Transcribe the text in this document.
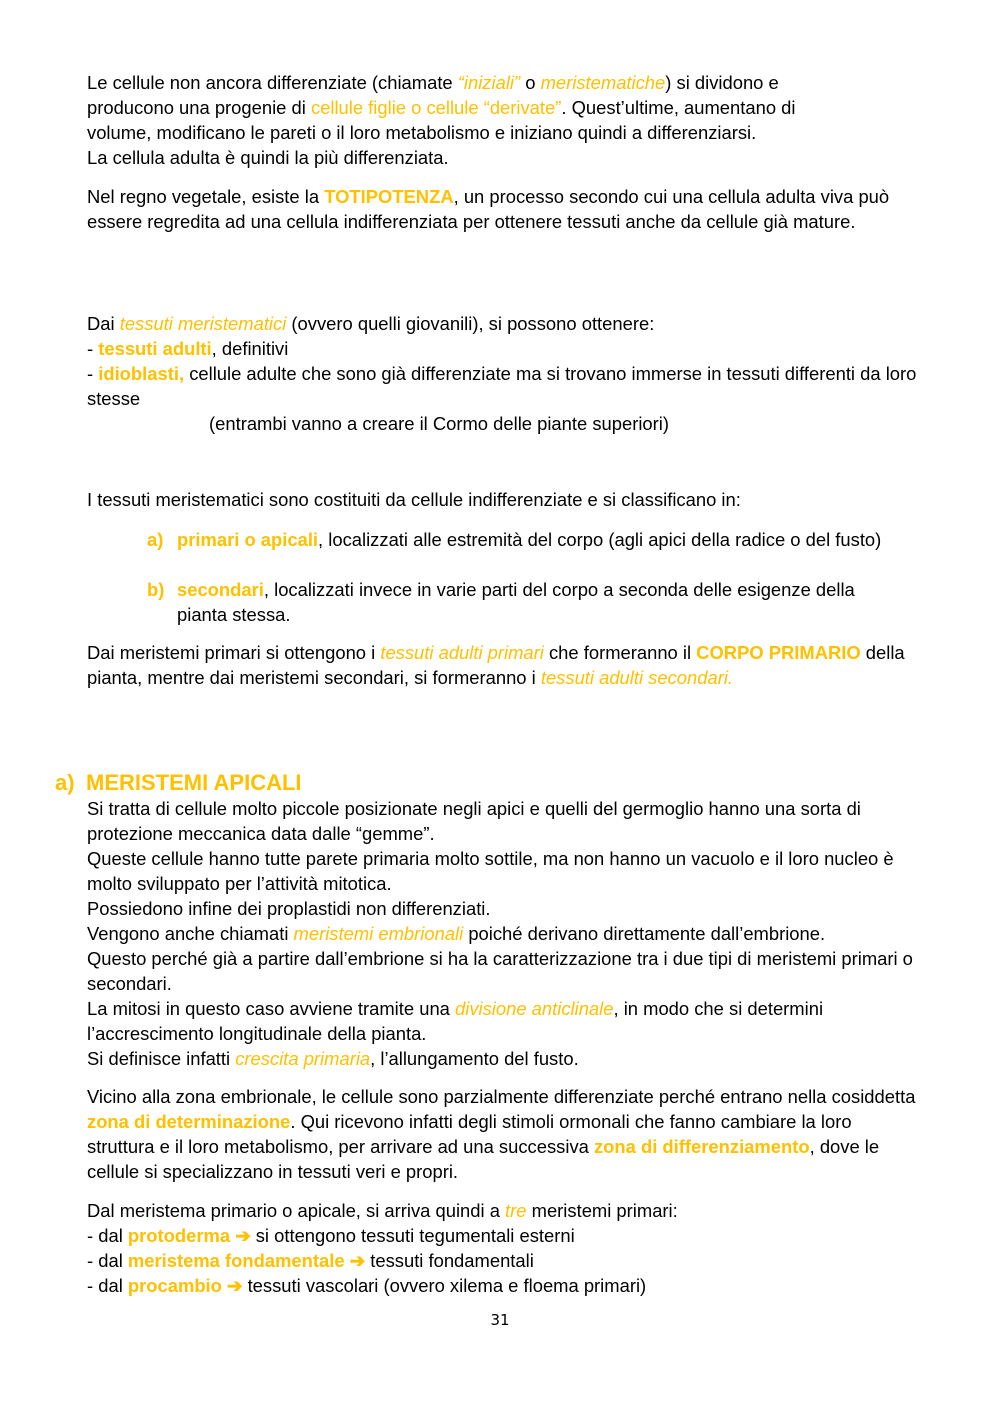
Le cellule non ancora differenziate (chiamate “iniziali” o meristematiche) si dividono e
producono una progenie di cellule figlie o cellule “derivate”. Quest’ultime, aumentano di
volume, modificano le pareti o il loro metabolismo e iniziano quindi a differenziarsi.
La cellula adulta è quindi la più differenziata.
Nel regno vegetale, esiste la TOTIPOTENZA, un processo secondo cui una cellula adulta viva può essere regredita ad una cellula indifferenziata per ottenere tessuti anche da cellule già mature.
Dai tessuti meristematici (ovvero quelli giovanili), si possono ottenere:
- tessuti adulti, definitivi
- idioblasti, cellule adulte che sono già differenziate ma si trovano immerse in tessuti differenti da loro stesse
(entrambi vanno a creare il Cormo delle piante superiori)
I tessuti meristematici sono costituiti da cellule indifferenziate e si classificano in:
a) primari o apicali, localizzati alle estremità del corpo (agli apici della radice o del fusto)
b) secondari, localizzati invece in varie parti del corpo a seconda delle esigenze della pianta stessa.
Dai meristemi primari si ottengono i tessuti adulti primari che formeranno il CORPO PRIMARIO della pianta, mentre dai meristemi secondari, si formeranno i tessuti adulti secondari.
a) MERISTEMI APICALI
Si tratta di cellule molto piccole posizionate negli apici e quelli del germoglio hanno una sorta di protezione meccanica data dalle “gemme”.
Queste cellule hanno tutte parete primaria molto sottile, ma non hanno un vacuolo e il loro nucleo è molto sviluppato per l’attività mitotica.
Possiedono infine dei proplastidi non differenziati.
Vengono anche chiamati meristemi embrionali poiché derivano direttamente dall’embrione.
Questo perché già a partire dall’embrione si ha la caratterizzazione tra i due tipi di meristemi primari o secondari.
La mitosi in questo caso avviene tramite una divisione anticlinale, in modo che si determini l’accrescimento longitudinale della pianta.
Si definisce infatti crescita primaria, l’allungamento del fusto.
Vicino alla zona embrionale, le cellule sono parzialmente differenziate perché entrano nella cosiddetta zona di determinazione. Qui ricevono infatti degli stimoli ormonali che fanno cambiare la loro struttura e il loro metabolismo, per arrivare ad una successiva zona di differenziamento, dove le cellule si specializzano in tessuti veri e propri.
Dal meristema primario o apicale, si arriva quindi a tre meristemi primari:
- dal protoderma ➔ si ottengono tessuti tegumentali esterni
- dal meristema fondamentale ➔ tessuti fondamentali
- dal procambio ➔ tessuti vascolari (ovvero xilema e floema primari)
31
